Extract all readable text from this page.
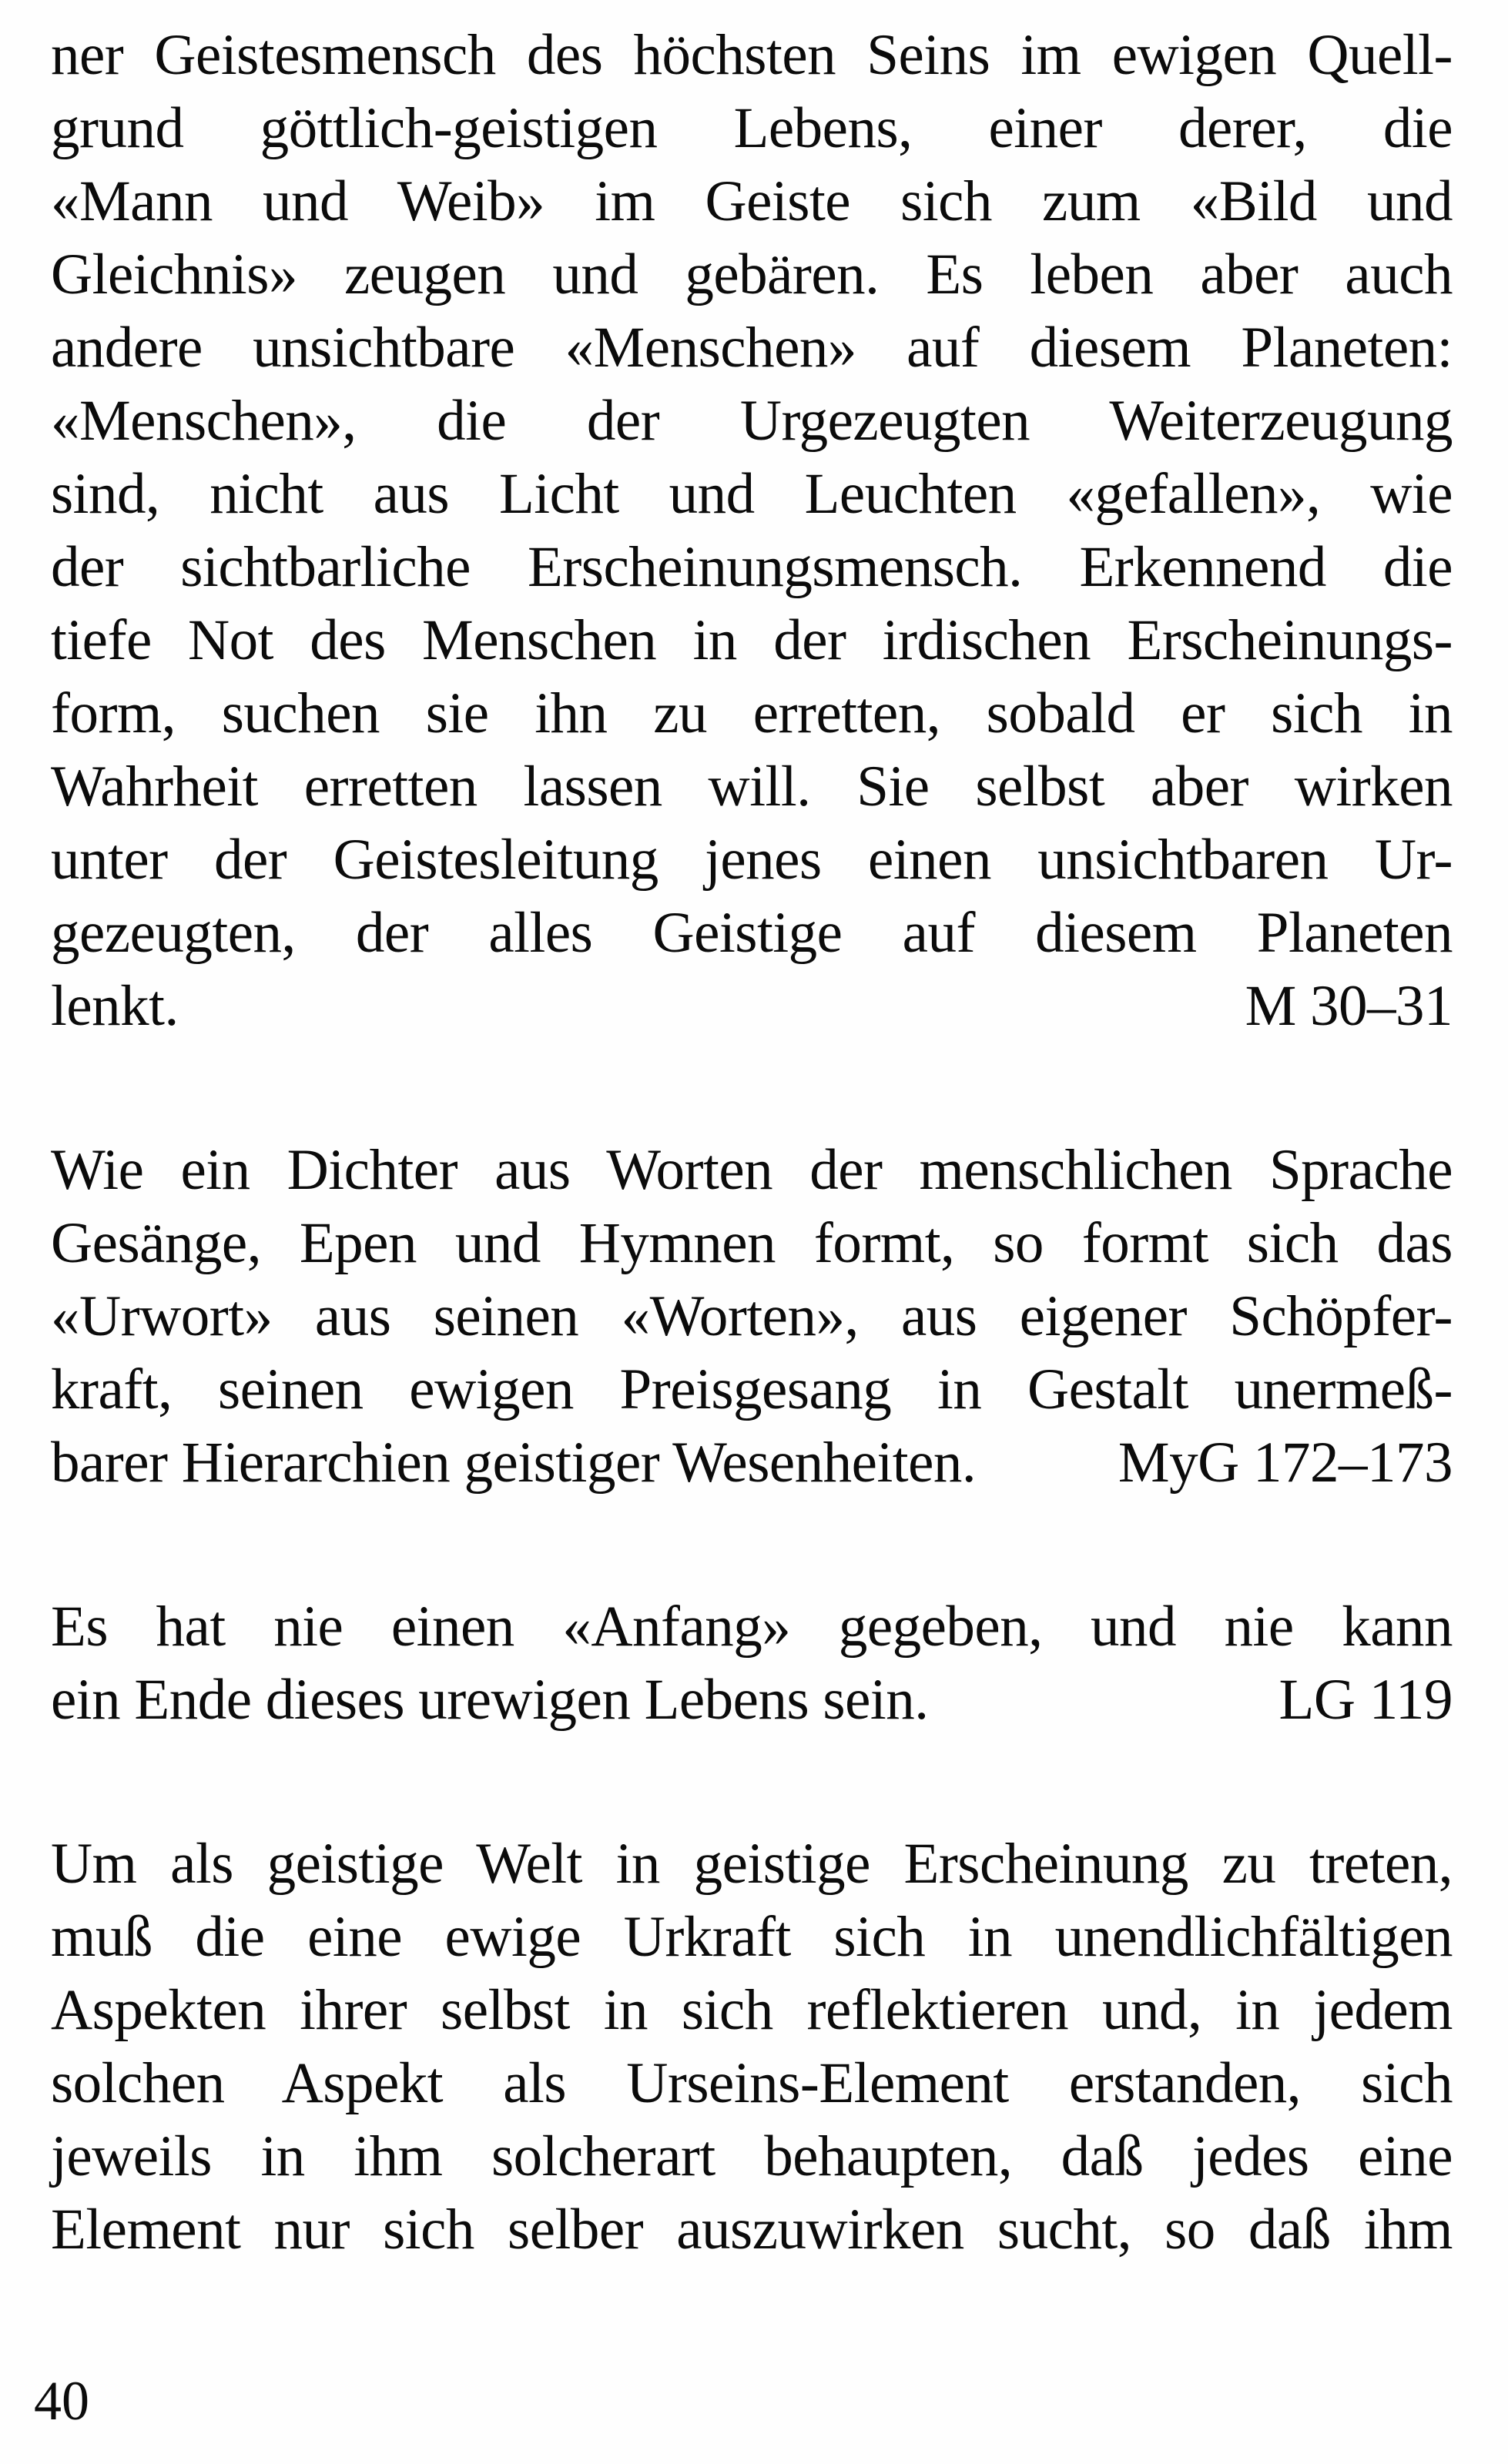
ner Geistesmensch des höchsten Seins im ewigen Quell-
grund göttlich-geistigen Lebens, einer derer, die
«Mann und Weib» im Geiste sich zum «Bild und
Gleichnis» zeugen und gebären. Es leben aber auch
andere unsichtbare «Menschen» auf diesem Planeten:
«Menschen», die der Urgezeugten Weiterzeugung
sind, nicht aus Licht und Leuchten «gefallen», wie
der sichtbarliche Erscheinungsmensch. Erkennend die
tiefe Not des Menschen in der irdischen Erscheinungs-
form, suchen sie ihn zu erretten, sobald er sich in
Wahrheit erretten lassen will. Sie selbst aber wirken
unter der Geistesleitung jenes einen unsichtbaren Ur-
gezeugten, der alles Geistige auf diesem Planeten
lenkt.	M 30–31
Wie ein Dichter aus Worten der menschlichen Sprache
Gesänge, Epen und Hymnen formt, so formt sich das
«Urwort» aus seinen «Worten», aus eigener Schöpfer-
kraft, seinen ewigen Preisgesang in Gestalt unermeß-
barer Hierarchien geistiger Wesenheiten. MyG 172–173
Es hat nie einen «Anfang» gegeben, und nie kann
ein Ende dieses urewigen Lebens sein.	LG 119
Um als geistige Welt in geistige Erscheinung zu treten,
muß die eine ewige Urkraft sich in unendlichfältigen
Aspekten ihrer selbst in sich reflektieren und, in jedem
solchen Aspekt als Urseins-Element erstanden, sich
jeweils in ihm solcherart behaupten, daß jedes eine
Element nur sich selber auszuwirken sucht, so daß ihm
40
